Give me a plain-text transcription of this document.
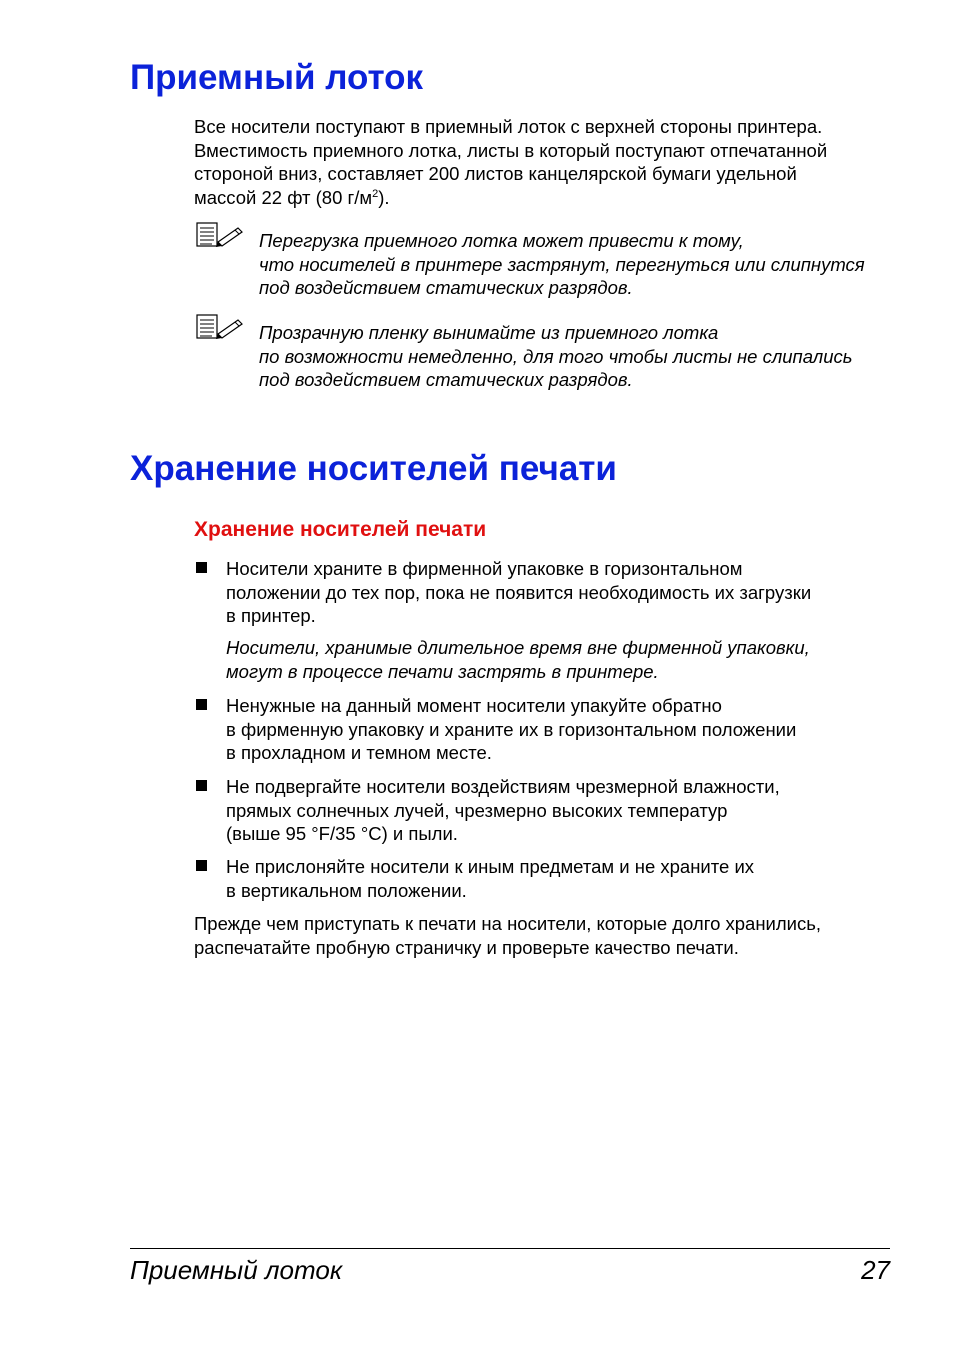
Приемный лоток
Все носители поступают в приемный лоток с верхней стороны принтера.
Вместимость приемного лотка, листы в который поступают отпечатанной
стороной вниз, составляет 200 листов канцелярской бумаги удельной
массой 22 фт (80 $г/м^2$).
Перегрузка приемного лотка может привести к тому,
что носителей в принтере застрянут, перегнуться или слипнутся
под воздействием статических разрядов.
Прозрачную пленку вынимайте из приемного лотка
по возможности немедленно, для того чтобы листы не слипались
под воздействием статических разрядов.
Хранение носителей печати
Хранение носителей печати
Носители храните в фирменной упаковке в горизонтальном
положении до тех пор, пока не появится необходимость их загрузки
в принтер.
Носители, хранимые длительное время вне фирменной упаковки,
могут в процессе печати застрять в принтере.
Ненужные на данный момент носители упакуйте обратно
в фирменную упаковку и храните их в горизонтальном положении
в прохладном и темном месте.
Не подвергайте носители воздействиям чрезмерной влажности,
прямых солнечных лучей, чрезмерно высоких температур
(выше 95 °F/35 °C) и пыли.
Не прислоняйте носители к иным предметам и не храните их
в вертикальном положении.
Прежде чем приступать к печати на носители, которые долго хранились,
распечатайте пробную страничку и проверьте качество печати.
Приемный лоток	27
